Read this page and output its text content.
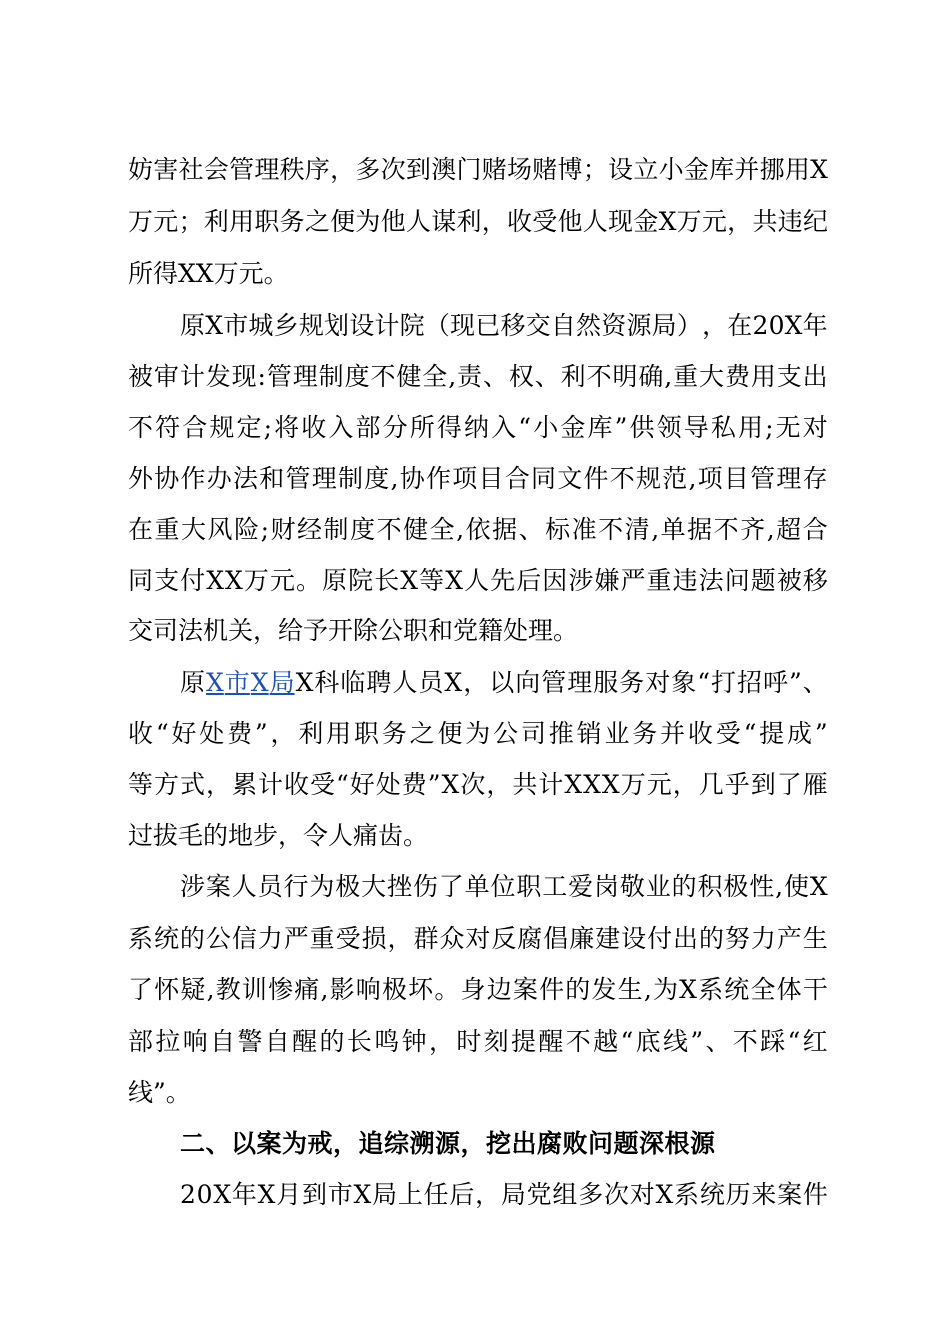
妨 害 社 会 管 理 秩 序 ， 多 次 到 澳 门 赌 场 赌 博 ； 设 立 小 金 库 并 挪 用 X
万 元 ； 利 用 职 务 之 便 为 他 人 谋 利 ， 收 受 他 人 现 金 X 万 元 ， 共 违 纪
所得XX万元。
原 X 市 城 乡 规 划 设 计 院 （ 现 已 移 交 自 然 资 源 局 ） ， 在 2 0 X 年
被 审 计 发 现 : 管 理 制 度 不 健 全 , 责 、 权 、 利 不 明 确 , 重 大 费 用 支 出
不 符 合 规 定 ; 将 收 入 部 分 所 得 纳 入 “ 小 金 库 ” 供 领 导 私 用 ; 无 对
外 协 作 办 法 和 管 理 制 度 , 协 作 项 目 合 同 文 件 不 规 范 , 项 目 管 理 存
在 重 大 风 险 ; 财 经 制 度 不 健 全 , 依 据 、 标 准 不 清 , 单 据 不 齐 , 超 合
同 支 付 X X 万 元 。 原 院 长 X 等 X 人 先 后 因 涉 嫌 严 重 违 法 问 题 被 移
交司法机关，给予开除公职和党籍处理。
原 X 市 X 局 X 科 临 聘 人 员 X ， 以 向 管 理 服 务 对 象 “ 打 招 呼 ” 、
收 “ 好 处 费 ” ， 利 用 职 务 之 便 为 公 司 推 销 业 务 并 收 受 “ 提 成 ”
等 方 式 ， 累 计 收 受 “ 好 处 费 ” X 次 ， 共 计 X X X 万 元 ， 几 乎 到 了 雁
过拔毛的地步，令人痛齿。
涉 案 人 员 行 为 极 大 挫 伤 了 单 位 职 工 爱 岗 敬 业 的 积 极 性 , 使 X
系 统 的 公 信 力 严 重 受 损 ， 群 众 对 反 腐 倡 廉 建 设 付 出 的 努 力 产 生
了 怀 疑 , 教 训 惨 痛 , 影 响 极 坏 。 身 边 案 件 的 发 生 , 为 X 系 统 全 体 干
部 拉 响 自 警 自 醒 的 长 鸣 钟 ， 时 刻 提 醒 不 越 “ 底 线 ” 、 不 踩 “ 红
线”。
二、以案为戒，追综溯源，挖出腐败问题深根源
2 0 X 年 X 月 到 市 X 局 上 任 后 ， 局 党 组 多 次 对 X 系 统 历 来 案 件
